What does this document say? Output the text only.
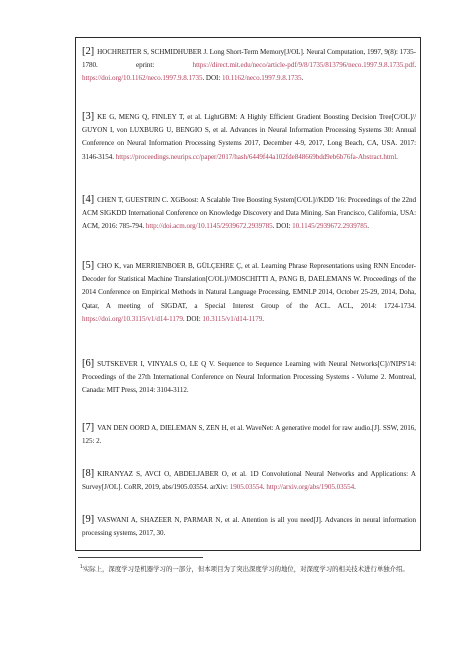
[2] HOCHREITER S, SCHMIDHUBER J. Long Short-Term Memory[J/OL]. Neural Computation, 1997, 9(8): 1735-1780. eprint: https://direct.mit.edu/neco/article-pdf/9/8/1735/813796/neco.1997.9.8.1735.pdf. https://doi.org/10.1162/neco.1997.9.8.1735. DOI: 10.1162/neco.1997.9.8.1735.
[3] KE G, MENG Q, FINLEY T, et al. LightGBM: A Highly Efficient Gradient Boosting Decision Tree[C/OL]// GUYON I, von LUXBURG U, BENGIO S, et al. Advances in Neural Information Processing Systems 30: Annual Conference on Neural Information Processing Systems 2017, December 4-9, 2017, Long Beach, CA, USA. 2017: 3146-3154. https://proceedings.neurips.cc/paper/2017/hash/6449f44a102fde848669bdd9eb6b76fa-Abstract.html.
[4] CHEN T, GUESTRIN C. XGBoost: A Scalable Tree Boosting System[C/OL]//KDD '16: Proceedings of the 22nd ACM SIGKDD International Conference on Knowledge Discovery and Data Mining. San Francisco, California, USA: ACM, 2016: 785-794. http://doi.acm.org/10.1145/2939672.2939785. DOI: 10.1145/2939672.2939785.
[5] CHO K, van MERRIENBOER B, GÜLÇEHRE Ç, et al. Learning Phrase Representations using RNN Encoder-Decoder for Statistical Machine Translation[C/OL]//MOSCHITTI A, PANG B, DAELEMANS W. Proceedings of the 2014 Conference on Empirical Methods in Natural Language Processing, EMNLP 2014, October 25-29, 2014, Doha, Qatar, A meeting of SIGDAT, a Special Interest Group of the ACL. ACL, 2014: 1724-1734. https://doi.org/10.3115/v1/d14-1179. DOI: 10.3115/v1/d14-1179.
[6] SUTSKEVER I, VINYALS O, LE Q V. Sequence to Sequence Learning with Neural Networks[C]//NIPS'14: Proceedings of the 27th International Conference on Neural Information Processing Systems - Volume 2. Montreal, Canada: MIT Press, 2014: 3104-3112.
[7] VAN DEN OORD A, DIELEMAN S, ZEN H, et al. WaveNet: A generative model for raw audio.[J]. SSW, 2016, 125: 2.
[8] KIRANYAZ S, AVCI O, ABDELJABER O, et al. 1D Convolutional Neural Networks and Applications: A Survey[J/OL]. CoRR, 2019, abs/1905.03554. arXiv: 1905.03554. http://arxiv.org/abs/1905.03554.
[9] VASWANI A, SHAZEER N, PARMAR N, et al. Attention is all you need[J]. Advances in neural information processing systems, 2017, 30.
$^1$实际上，深度学习是机器学习的一部分，但本项目为了突出深度学习的地位，对深度学习的相关技术进行单独介绍。
